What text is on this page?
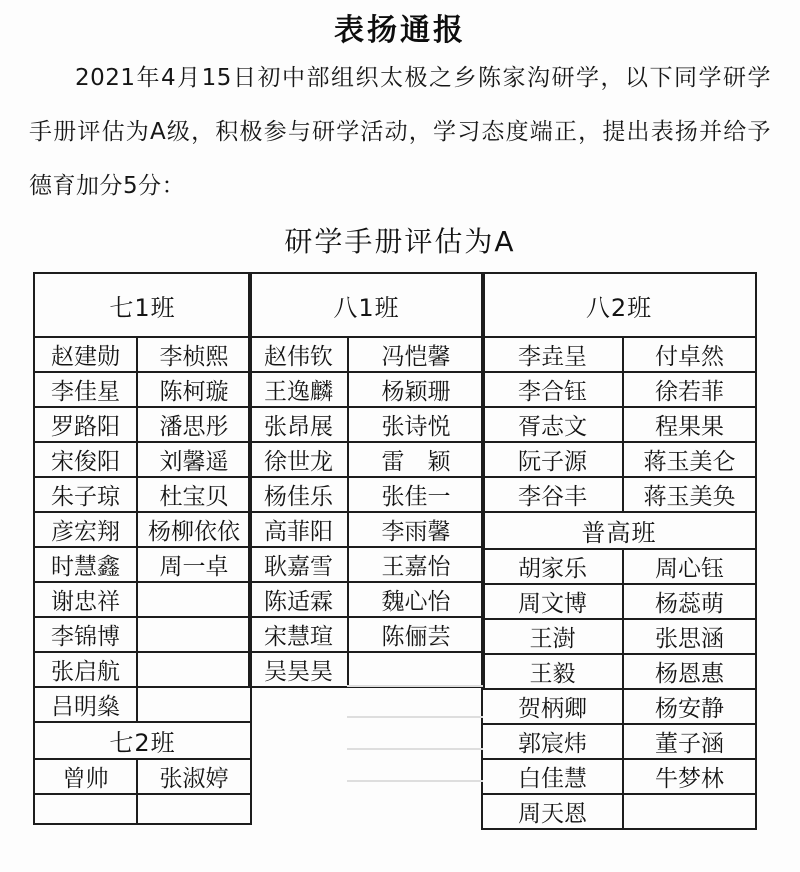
表扬通报
2021年4月15日初中部组织太极之乡陈家沟研学，以下同学研学
手册评估为A级，积极参与研学活动，学习态度端正，提出表扬并给予
德育加分5分：
研学手册评估为A
七1班	
赵建勋	李桢熙
李佳星	陈柯璇
罗路阳	潘思彤
宋俊阳	刘馨遥
朱子琼	杜宝贝
彦宏翔	杨柳依依
时慧鑫	周一卓
谢忠祥	
李锦博	
张启航	
吕明燊	
七2班	
曾帅	张淑婷

八1班	
赵伟钦	冯恺馨
王逸麟	杨颖珊
张昂展	张诗悦
徐世龙	雷　颖
杨佳乐	张佳一
高菲阳	李雨馨
耿嘉雪	王嘉怡
陈适霖	魏心怡
宋慧瑄	陈俪芸
吴昊昊	
八2班	
李垚呈	付卓然
李合钰	徐若菲
胥志文	程果果
阮子源	蒋玉美仑
李谷丰	蒋玉美奂
普高班	
胡家乐	周心钰
周文博	杨蕊萌
王澍	张思涵
王毅	杨恩惠
贺柄卿	杨安静
郭宸炜	董子涵
白佳慧	牛梦林
周天恩	
